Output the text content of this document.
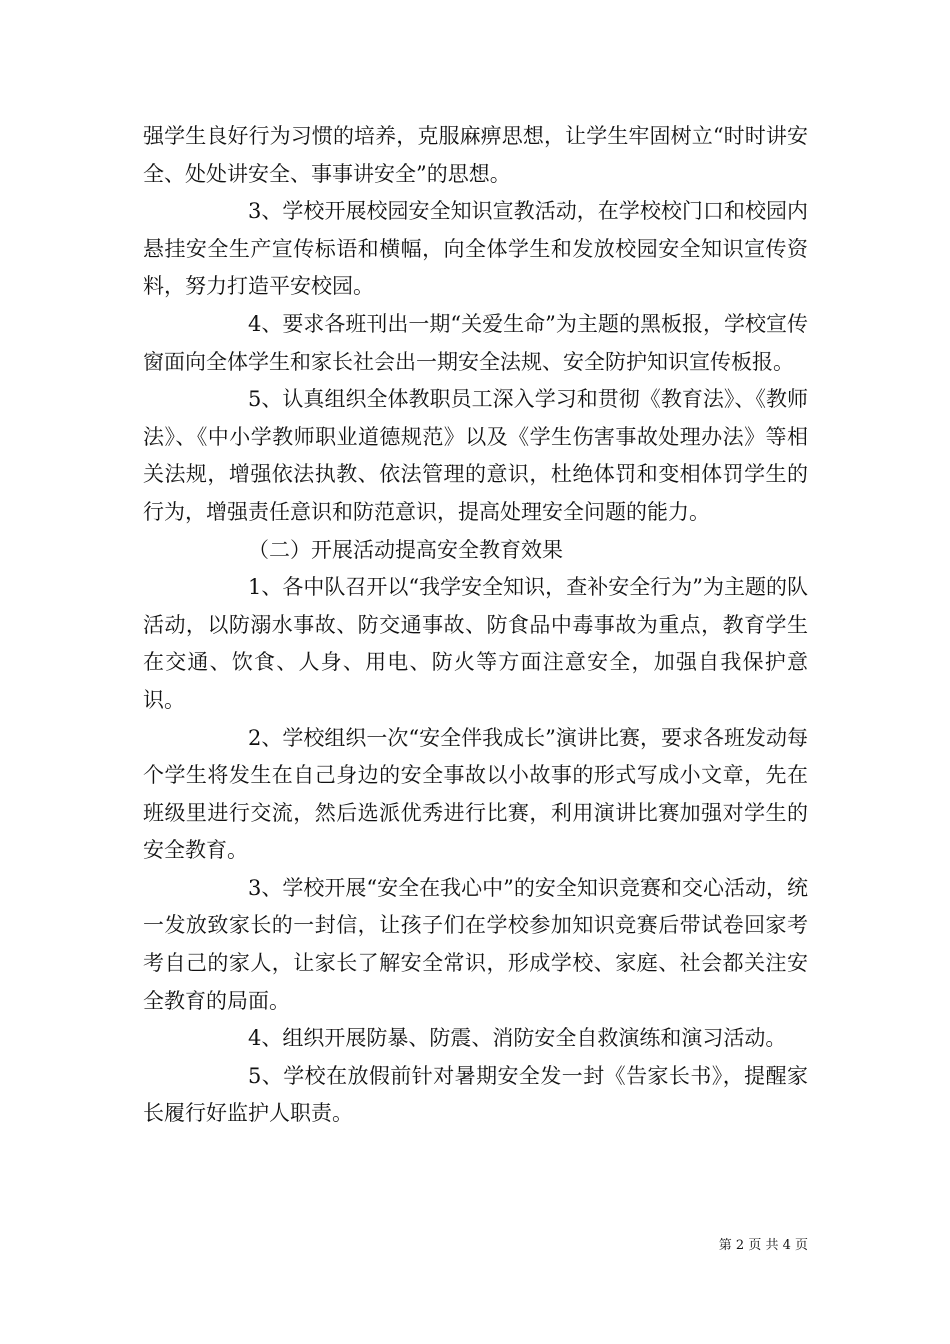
强学生良好行为习惯的培养，克服麻痹思想，让学生牢固树立“时时讲安全、处处讲安全、事事讲安全”的思想。

3、学校开展校园安全知识宣教活动，在学校校门口和校园内悬挂安全生产宣传标语和横幅，向全体学生和发放校园安全知识宣传资料，努力打造平安校园。

4、要求各班刊出一期“关爱生命”为主题的黑板报，学校宣传窗面向全体学生和家长社会出一期安全法规、安全防护知识宣传板报。

5、认真组织全体教职员工深入学习和贯彻《教育法》、《教师法》、《中小学教师职业道德规范》以及《学生伤害事故处理办法》等相关法规，增强依法执教、依法管理的意识，杜绝体罚和变相体罚学生的行为，增强责任意识和防范意识，提高处理安全问题的能力。

（二）开展活动提高安全教育效果

1、各中队召开以“我学安全知识，查补安全行为”为主题的队活动，以防溺水事故、防交通事故、防食品中毒事故为重点，教育学生在交通、饮食、人身、用电、防火等方面注意安全，加强自我保护意识。

2、学校组织一次“安全伴我成长”演讲比赛，要求各班发动每个学生将发生在自己身边的安全事故以小故事的形式写成小文章，先在班级里进行交流，然后选派优秀进行比赛，利用演讲比赛加强对学生的安全教育。

3、学校开展“安全在我心中”的安全知识竞赛和交心活动，统一发放致家长的一封信，让孩子们在学校参加知识竞赛后带试卷回家考考自己的家人，让家长了解安全常识，形成学校、家庭、社会都关注安全教育的局面。

4、组织开展防暴、防震、消防安全自救演练和演习活动。

5、学校在放假前针对暑期安全发一封《告家长书》，提醒家长履行好监护人职责。

第 2 页 共 4 页
